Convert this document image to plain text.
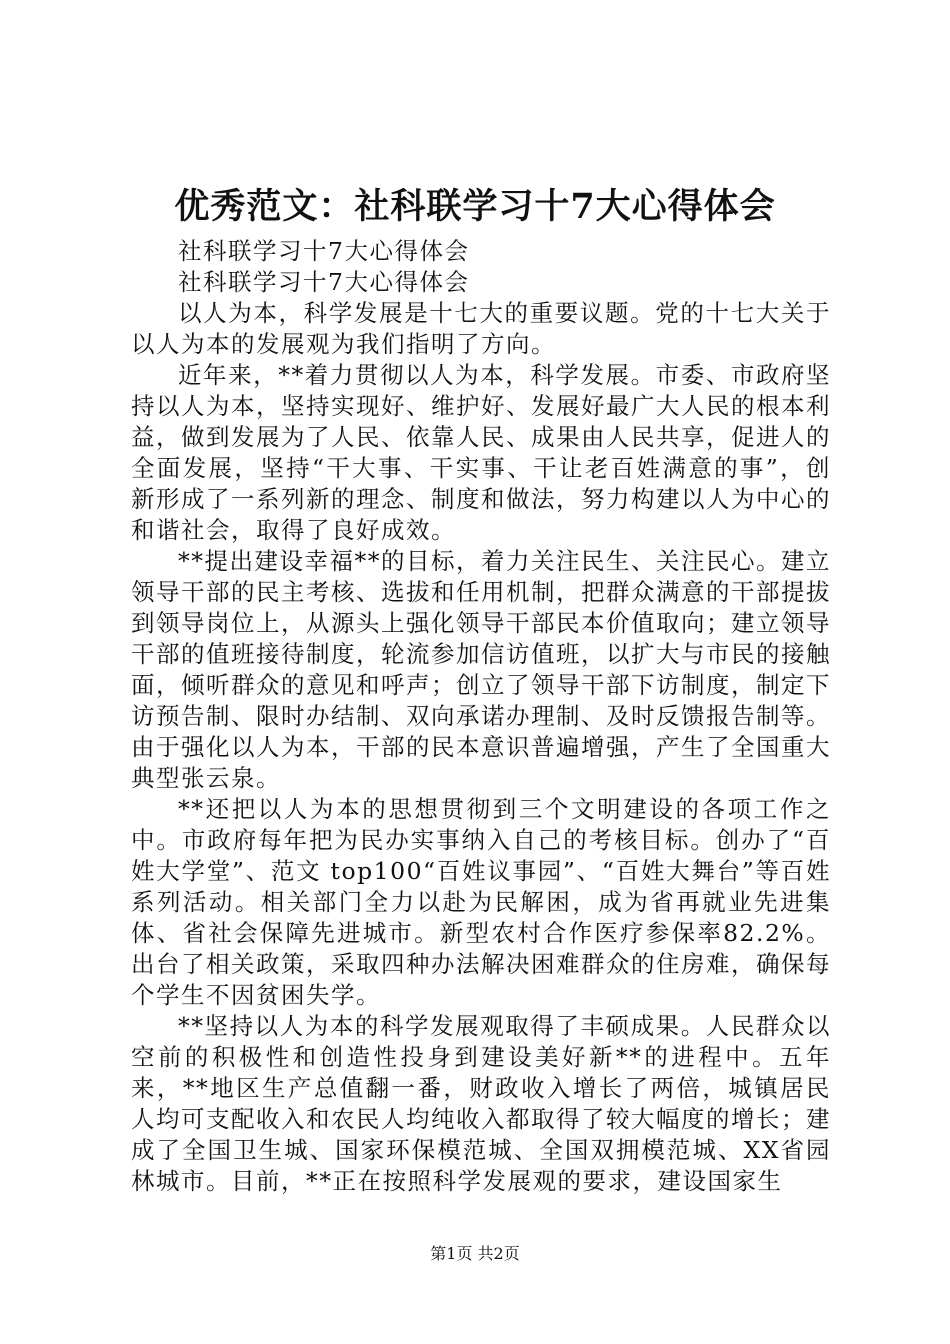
优秀范文：社科联学习十7大心得体会

社科联学习十7大心得体会

社科联学习十7大心得体会

以人为本，科学发展是十七大的重要议题。党的十七大关于以人为本的发展观为我们指明了方向。

近年来，**着力贯彻以人为本，科学发展。市委、市政府坚持以人为本，坚持实现好、维护好、发展好最广大人民的根本利益，做到发展为了人民、依靠人民、成果由人民共享，促进人的全面发展，坚持“干大事、干实事、干让老百姓满意的事”，创新形成了一系列新的理念、制度和做法，努力构建以人为中心的和谐社会，取得了良好成效。

**提出建设幸福**的目标，着力关注民生、关注民心。建立领导干部的民主考核、选拔和任用机制，把群众满意的干部提拔到领导岗位上，从源头上强化领导干部民本价值取向；建立领导干部的值班接待制度，轮流参加信访值班，以扩大与市民的接触面，倾听群众的意见和呼声；创立了领导干部下访制度，制定下访预告制、限时办结制、双向承诺办理制、及时反馈报告制等。由于强化以人为本，干部的民本意识普遍增强，产生了全国重大典型张云泉。

**还把以人为本的思想贯彻到三个文明建设的各项工作之中。市政府每年把为民办实事纳入自己的考核目标。创办了“百姓大学堂”、范文 top100“百姓议事园”、“百姓大舞台”等百姓系列活动。相关部门全力以赴为民解困，成为省再就业先进集体、省社会保障先进城市。新型农村合作医疗参保率82.2%。出台了相关政策，采取四种办法解决困难群众的住房难，确保每个学生不因贫困失学。

**坚持以人为本的科学发展观取得了丰硕成果。人民群众以空前的积极性和创造性投身到建设美好新**的进程中。五年来，**地区生产总值翻一番，财政收入增长了两倍，城镇居民人均可支配收入和农民人均纯收入都取得了较大幅度的增长；建成了全国卫生城、国家环保模范城、全国双拥模范城、XX省园林城市。目前，**正在按照科学发展观的要求，建设国家生

第1页 共2页
